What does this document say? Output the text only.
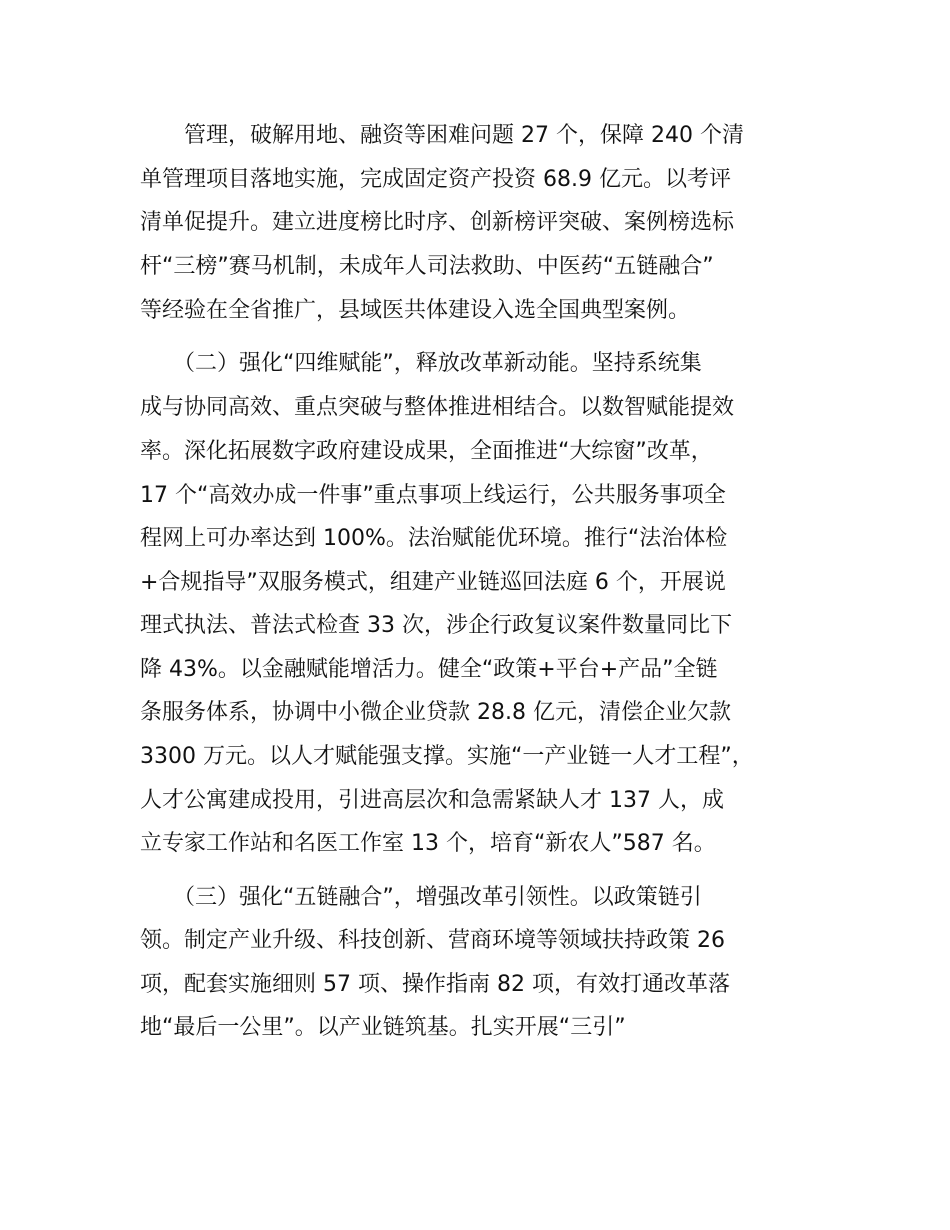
　　管理，破解用地、融资等困难问题 27 个，保障 240 个清
单管理项目落地实施，完成固定资产投资 68.9 亿元。以考评
清单促提升。建立进度榜比时序、创新榜评突破、案例榜选标
杆“三榜”赛马机制，未成年人司法救助、中医药“五链融合”
等经验在全省推广，县域医共体建设入选全国典型案例。
　　（二）强化“四维赋能”，释放改革新动能。坚持系统集
成与协同高效、重点突破与整体推进相结合。以数智赋能提效
率。深化拓展数字政府建设成果，全面推进“大综窗”改革，
17 个“高效办成一件事”重点事项上线运行，公共服务事项全
程网上可办率达到 100%。法治赋能优环境。推行“法治体检
+合规指导”双服务模式，组建产业链巡回法庭 6 个，开展说
理式执法、普法式检查 33 次，涉企行政复议案件数量同比下
降 43%。以金融赋能增活力。健全“政策+平台+产品”全链
条服务体系，协调中小微企业贷款 28.8 亿元，清偿企业欠款
3300 万元。以人才赋能强支撑。实施“一产业链一人才工程”，
人才公寓建成投用，引进高层次和急需紧缺人才 137 人，成
立专家工作站和名医工作室 13 个，培育“新农人”587 名。
　　（三）强化“五链融合”，增强改革引领性。以政策链引
领。制定产业升级、科技创新、营商环境等领域扶持政策 26
项，配套实施细则 57 项、操作指南 82 项，有效打通改革落
地“最后一公里”。以产业链筑基。扎实开展“三引”
